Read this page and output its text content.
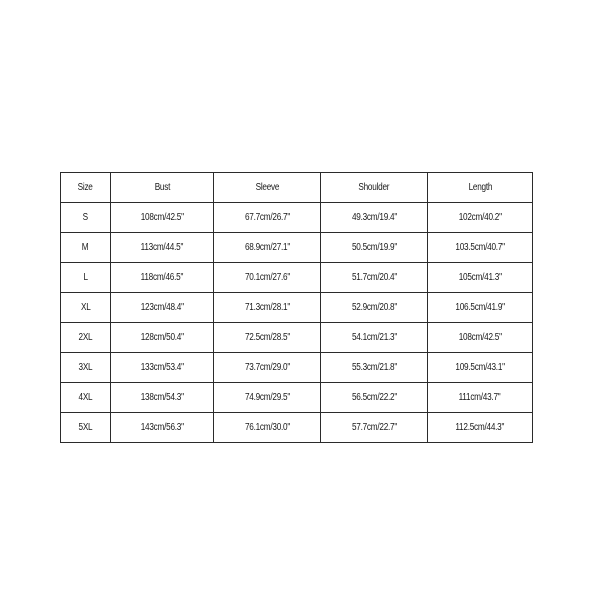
Size	Bust	Sleeve	Shoulder	Length
S	108cm/42.5"	67.7cm/26.7"	49.3cm/19.4"	102cm/40.2"
M	113cm/44.5"	68.9cm/27.1"	50.5cm/19.9"	103.5cm/40.7"
L	118cm/46.5"	70.1cm/27.6"	51.7cm/20.4"	105cm/41.3"
XL	123cm/48.4"	71.3cm/28.1"	52.9cm/20.8"	106.5cm/41.9"
2XL	128cm/50.4"	72.5cm/28.5"	54.1cm/21.3"	108cm/42.5"
3XL	133cm/53.4"	73.7cm/29.0"	55.3cm/21.8"	109.5cm/43.1"
4XL	138cm/54.3"	74.9cm/29.5"	56.5cm/22.2"	111cm/43.7"
5XL	143cm/56.3"	76.1cm/30.0"	57.7cm/22.7"	112.5cm/44.3"
